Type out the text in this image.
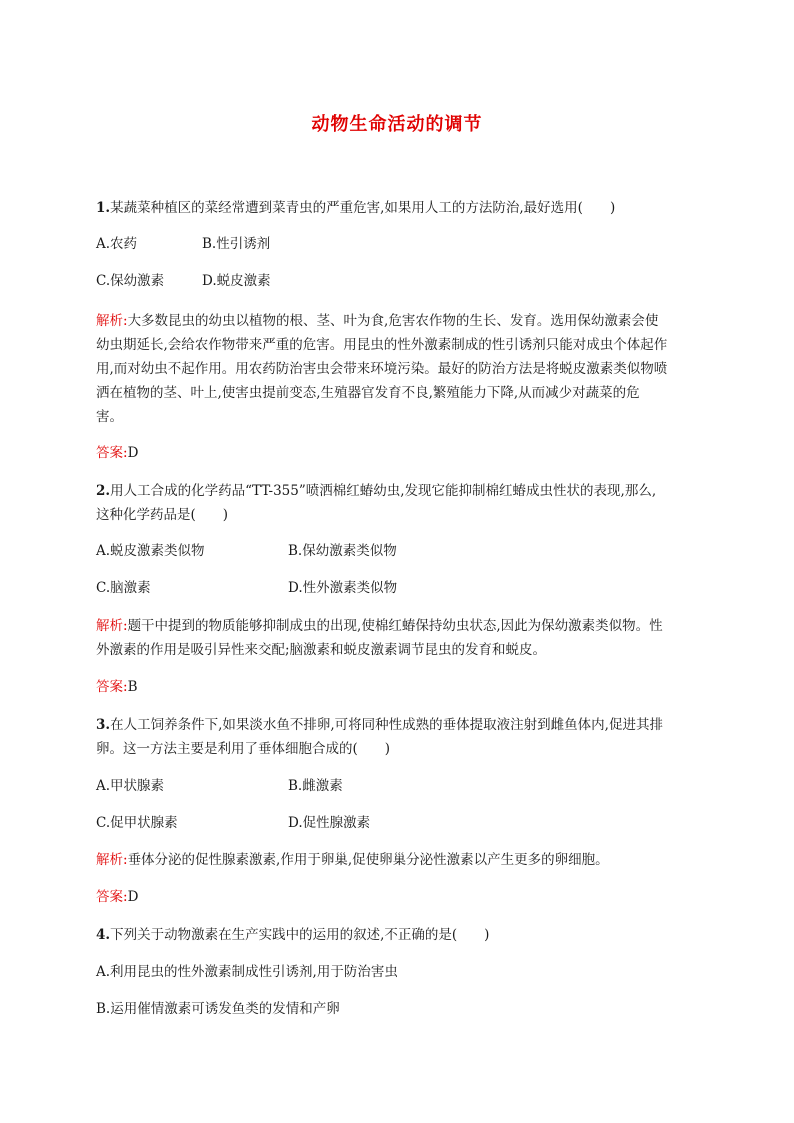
动物生命活动的调节
1.某蔬菜种植区的菜经常遭到菜青虫的严重危害,如果用人工的方法防治,最好选用(　　)
A.农药	B.性引诱剂
C.保幼激素	D.蜕皮激素
解析:大多数昆虫的幼虫以植物的根、茎、叶为食,危害农作物的生长、发育。选用保幼激素会使
幼虫期延长,会给农作物带来严重的危害。用昆虫的性外激素制成的性引诱剂只能对成虫个体起作
用,而对幼虫不起作用。用农药防治害虫会带来环境污染。最好的防治方法是将蜕皮激素类似物喷
洒在植物的茎、叶上,使害虫提前变态,生殖器官发育不良,繁殖能力下降,从而减少对蔬菜的危
害。
答案:D
2.用人工合成的化学药品“TT-355”喷洒棉红蝽幼虫,发现它能抑制棉红蝽成虫性状的表现,那么,
这种化学药品是(　　)
A.蜕皮激素类似物	B.保幼激素类似物
C.脑激素	D.性外激素类似物
解析:题干中提到的物质能够抑制成虫的出现,使棉红蝽保持幼虫状态,因此为保幼激素类似物。性
外激素的作用是吸引异性来交配;脑激素和蜕皮激素调节昆虫的发育和蜕皮。
答案:B
3.在人工饲养条件下,如果淡水鱼不排卵,可将同种性成熟的垂体提取液注射到雌鱼体内,促进其排
卵。这一方法主要是利用了垂体细胞合成的(　　)
A.甲状腺素	B.雌激素
C.促甲状腺素	D.促性腺激素
解析:垂体分泌的促性腺素激素,作用于卵巢,促使卵巢分泌性激素以产生更多的卵细胞。
答案:D
4.下列关于动物激素在生产实践中的运用的叙述,不正确的是(　　)
A.利用昆虫的性外激素制成性引诱剂,用于防治害虫
B.运用催情激素可诱发鱼类的发情和产卵
